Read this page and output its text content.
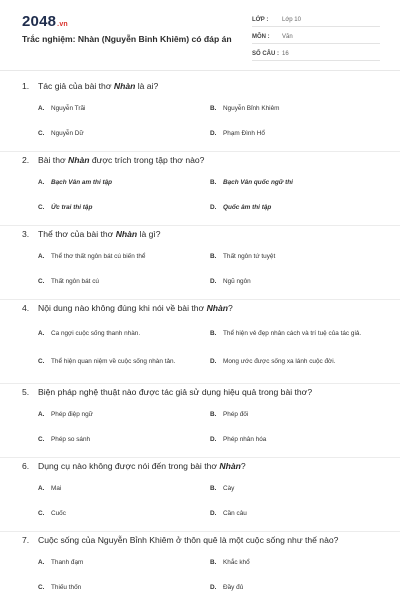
2048.vn
Trắc nghiệm: Nhàn (Nguyễn Bỉnh Khiêm) có đáp án
LỚP :	Lớp 10
MÔN :	Văn
SỐ CÂU : 16
1. Tác giả của bài thơ Nhàn là ai?
A.	Nguyễn Trãi	B.	Nguyễn Bỉnh Khiêm
C.	Nguyễn Dữ	D.	Phạm Đình Hổ
2. Bài thơ Nhàn được trích trong tập thơ nào?
A.	Bạch Vân am thi tập	B.	Bạch Vân quốc ngữ thi
C.	Ức trai thi tập	D.	Quốc âm thi tập
3. Thể thơ của bài thơ Nhàn là gì?
A.	Thể thơ thất ngôn bát cú biến thể	B.	Thất ngôn tứ tuyệt
C.	Thất ngôn bát cú	D.	Ngũ ngôn
4. Nội dung nào không đúng khi nói về bài thơ Nhàn?
A.	Ca ngợi cuộc sống thanh nhàn.	B.	Thể hiện vẻ đẹp nhân cách và trí tuệ của tác giả.
C.	Thể hiện quan niệm về cuộc sống nhàn tản.	D.	Mong ước được sống xa lánh cuộc đời.
5. Biện pháp nghệ thuật nào được tác giả sử dụng hiệu quả trong bài thơ?
A.	Phép điệp ngữ	B.	Phép đối
C.	Phép so sánh	D.	Phép nhân hóa
6. Dụng cụ nào không được nói đến trong bài thơ Nhàn?
A.	Mai	B.	Cày
C.	Cuốc	D.	Cần câu
7. Cuộc sống của Nguyễn Bỉnh Khiêm ở thôn quê là một cuộc sống như thế nào?
A.	Thanh đạm	B.	Khắc khổ
C.	Thiếu thốn	D.	Đầy đủ
